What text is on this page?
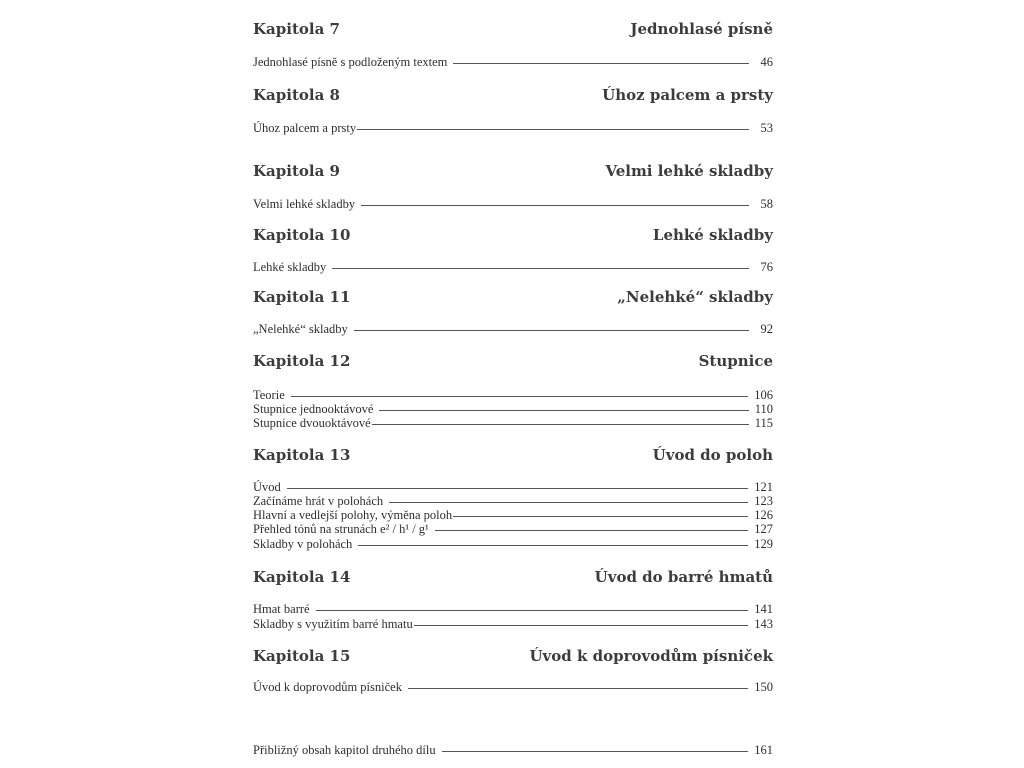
Kapitola 7	Jednohlasé písně
Jednohlasé písně s podloženým textem	46
Kapitola 8	Úhoz palcem a prsty
Úhoz palcem a prsty	53
Kapitola 9	Velmi lehké skladby
Velmi lehké skladby	58
Kapitola 10	Lehké skladby
Lehké skladby	76
Kapitola 11	„Nelehké“ skladby
„Nelehké“ skladby	92
Kapitola 12	Stupnice
Teorie	106
Stupnice jednooktávové	110
Stupnice dvouoktávové	115
Kapitola 13	Úvod do poloh
Úvod	121
Začínáme hrát v polohách	123
Hlavní a vedlejší polohy, výměna poloh	126
Přehled tónů na strunách e² / h¹ / g¹	127
Skladby v polohách	129
Kapitola 14	Úvod do barré hmatů
Hmat barré	141
Skladby s využitím barré hmatu	143
Kapitola 15	Úvod k doprovodům písniček
Úvod k doprovodům písniček	150
Přibližný obsah kapitol druhého dílu	161
